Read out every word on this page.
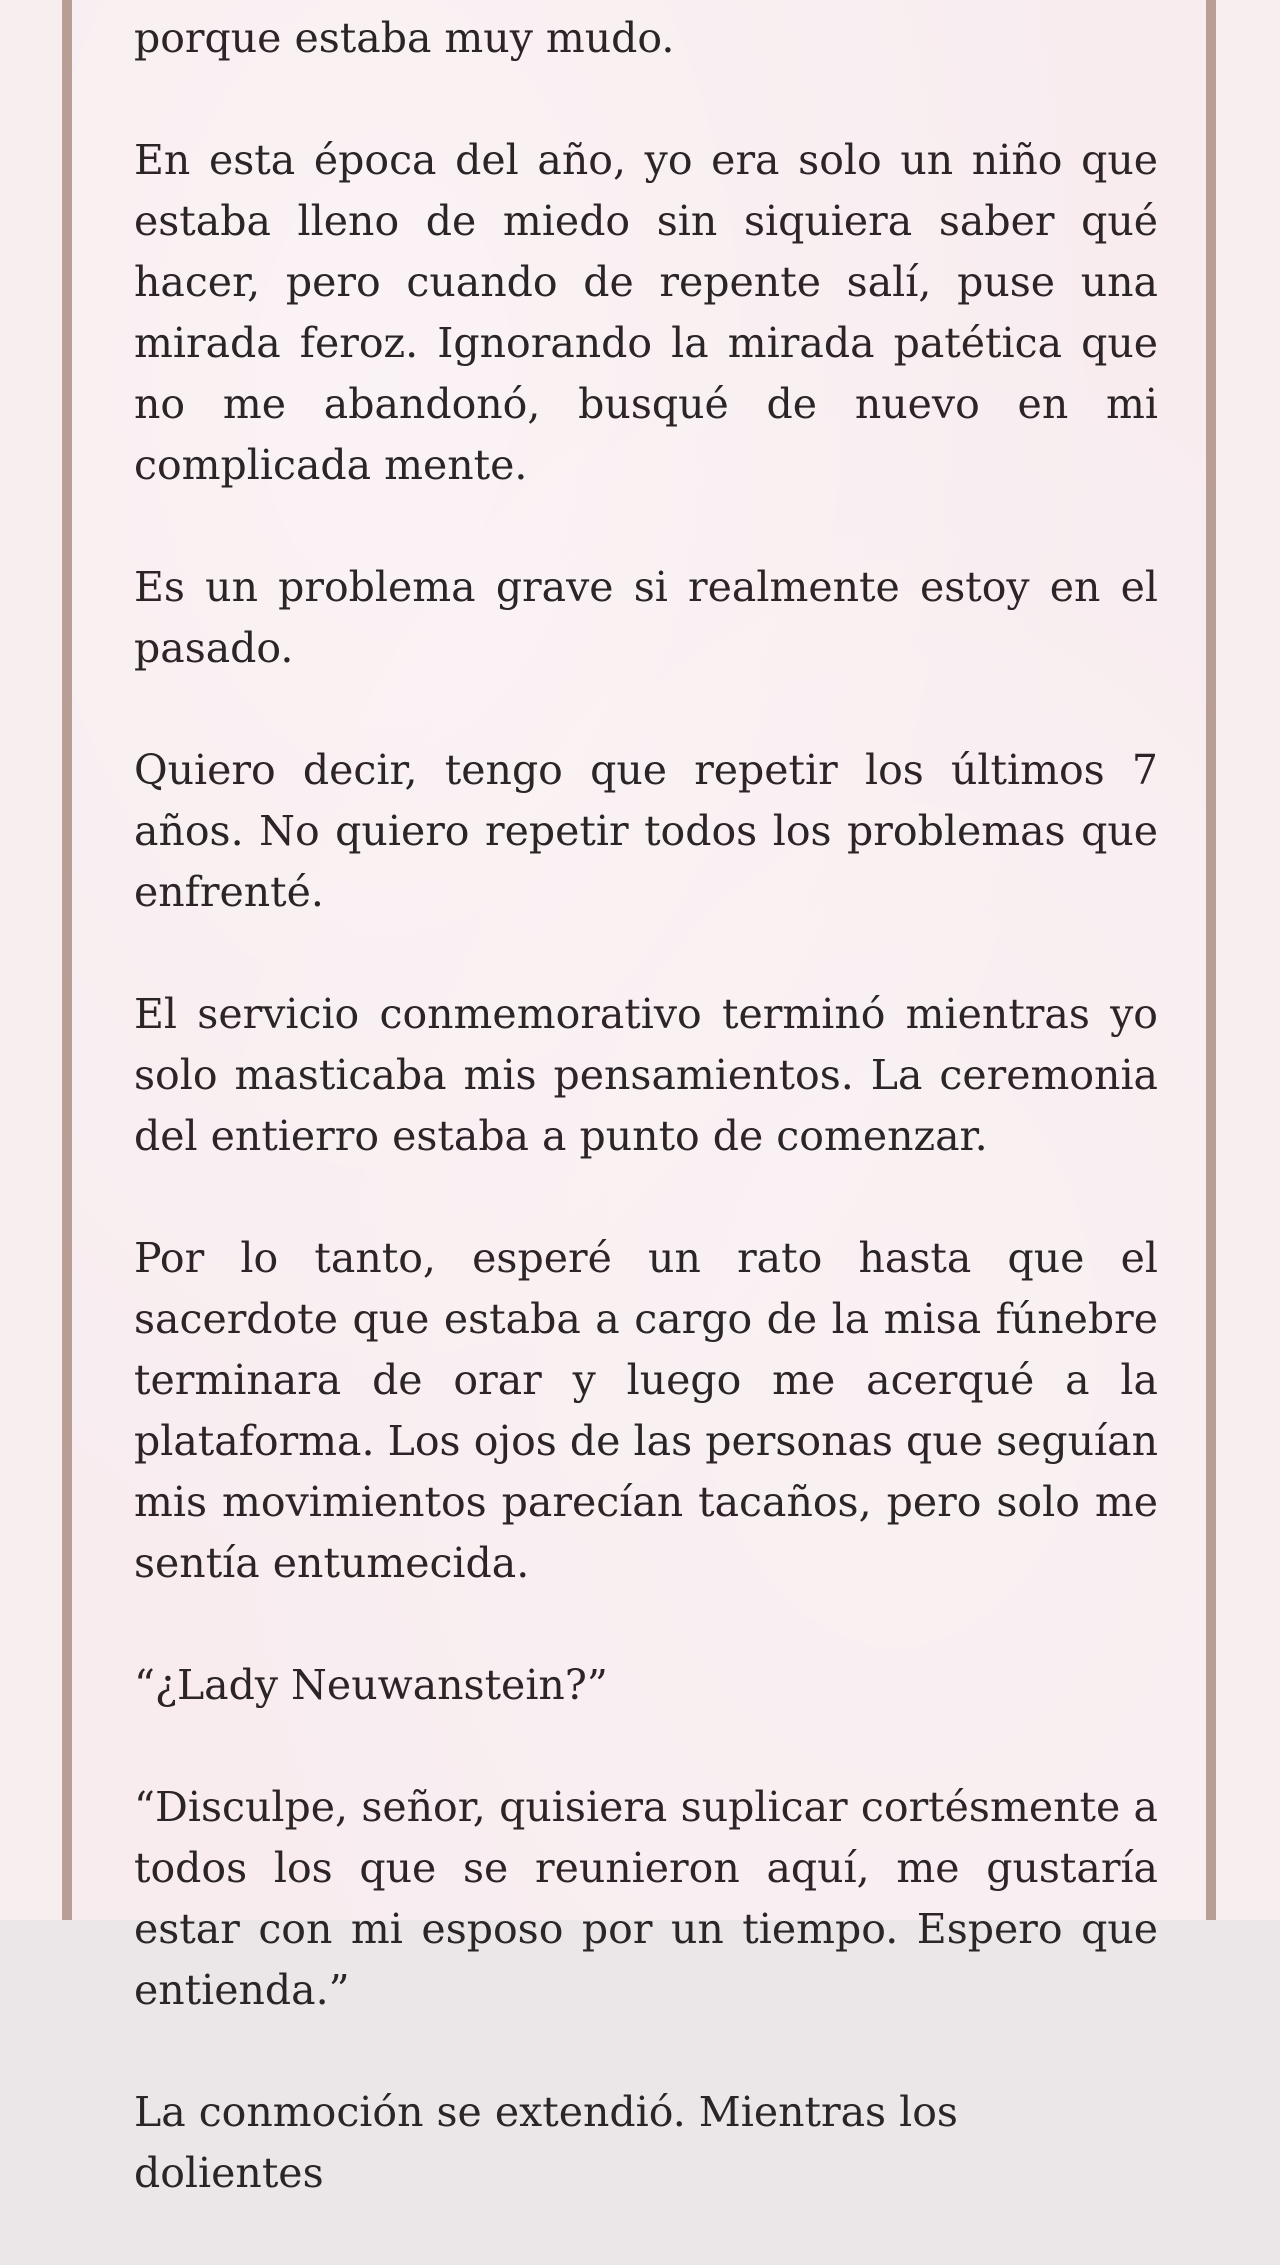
porque estaba muy mudo.

En esta época del año, yo era solo un niño que estaba lleno de miedo sin siquiera saber qué hacer, pero cuando de repente salí, puse una mirada feroz. Ignorando la mirada patética que no me abandonó, busqué de nuevo en mi complicada mente.

Es un problema grave si realmente estoy en el pasado.

Quiero decir, tengo que repetir los últimos 7 años. No quiero repetir todos los problemas que enfrenté.

El servicio conmemorativo terminó mientras yo solo masticaba mis pensamientos. La ceremonia del entierro estaba a punto de comenzar.

Por lo tanto, esperé un rato hasta que el sacerdote que estaba a cargo de la misa fúnebre terminara de orar y luego me acerqué a la plataforma. Los ojos de las personas que seguían mis movimientos parecían tacaños, pero solo me sentía entumecida.

“¿Lady Neuwanstein?”

“Disculpe, señor, quisiera suplicar cortésmente a todos los que se reunieron aquí, me gustaría estar con mi esposo por un tiempo. Espero que entienda.”

La conmoción se extendió. Mientras los dolientes
